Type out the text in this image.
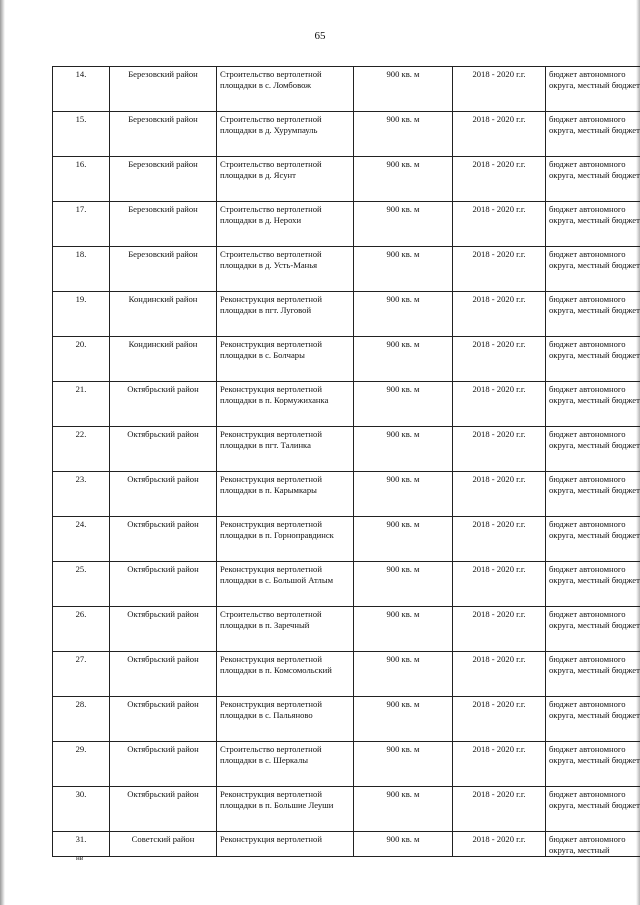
65
14.	Березовский район	Строительство вертолетной площадки в с. Ломбовож	900 кв. м	2018 - 2020 г.г.	бюджет автономного округа, местный бюджет
15.	Березовский район	Строительство вертолетной площадки в д. Хурумпауль	900 кв. м	2018 - 2020 г.г.	бюджет автономного округа, местный бюджет
16.	Березовский район	Строительство вертолетной площадки в д. Ясунт	900 кв. м	2018 - 2020 г.г.	бюджет автономного округа, местный бюджет
17.	Березовский район	Строительство вертолетной площадки в д. Нерохи	900 кв. м	2018 - 2020 г.г.	бюджет автономного округа, местный бюджет
18.	Березовский район	Строительство вертолетной площадки в д. Усть-Манья	900 кв. м	2018 - 2020 г.г.	бюджет автономного округа, местный бюджет
19.	Кондинский район	Реконструкция вертолетной площадки в пгт. Луговой	900 кв. м	2018 - 2020 г.г.	бюджет автономного округа, местный бюджет
20.	Кондинский район	Реконструкция вертолетной площадки в с. Болчары	900 кв. м	2018 - 2020 г.г.	бюджет автономного округа, местный бюджет
21.	Октябрьский район	Реконструкция вертолетной площадки в п. Кормужиханка	900 кв. м	2018 - 2020 г.г.	бюджет автономного округа, местный бюджет
22.	Октябрьский район	Реконструкция вертолетной площадки в пгт. Талинка	900 кв. м	2018 - 2020 г.г.	бюджет автономного округа, местный бюджет
23.	Октябрьский район	Реконструкция вертолетной площадки в п. Карымкары	900 кв. м	2018 - 2020 г.г.	бюджет автономного округа, местный бюджет
24.	Октябрьский район	Реконструкция вертолетной площадки в п. Горноправдинск	900 кв. м	2018 - 2020 г.г.	бюджет автономного округа, местный бюджет
25.	Октябрьский район	Реконструкция вертолетной площадки в с. Большой Атлым	900 кв. м	2018 - 2020 г.г.	бюджет автономного округа, местный бюджет
26.	Октябрьский район	Строительство вертолетной площадки в п. Заречный	900 кв. м	2018 - 2020 г.г.	бюджет автономного округа, местный бюджет
27.	Октябрьский район	Реконструкция вертолетной площадки в п. Комсомольский	900 кв. м	2018 - 2020 г.г.	бюджет автономного округа, местный бюджет
28.	Октябрьский район	Реконструкция вертолетной площадки в с. Пальяново	900 кв. м	2018 - 2020 г.г.	бюджет автономного округа, местный бюджет
29.	Октябрьский район	Строительство вертолетной площадки в с. Шеркалы	900 кв. м	2018 - 2020 г.г.	бюджет автономного округа, местный бюджет
30.	Октябрьский район	Реконструкция вертолетной площадки в п. Большие Леуши	900 кв. м	2018 - 2020 г.г.	бюджет автономного округа, местный бюджет
31.	Советский район	Реконструкция вертолетной	900 кв. м	2018 - 2020 г.г.	бюджет автономного округа, местный
нв
